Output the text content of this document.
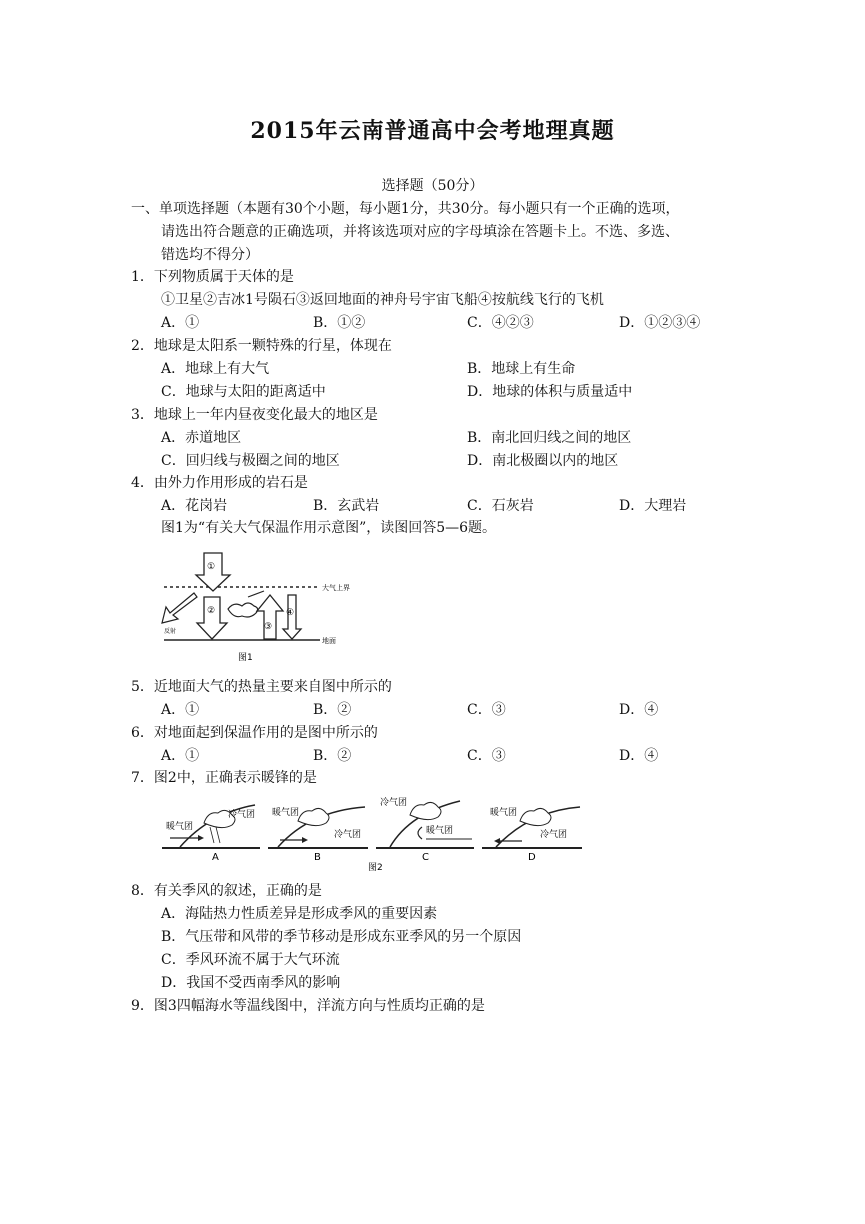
2015年云南普通高中会考地理真题
选择题（50分）
一、单项选择题（本题有30个小题，每小题1分，共30分。每小题只有一个正确的选项，
请选出符合题意的正确选项，并将该选项对应的字母填涂在答题卡上。不选、多选、
错选均不得分）
1．下列物质属于天体的是
①卫星②吉冰1号陨石③返回地面的神舟号宇宙飞船④按航线飞行的飞机
A．①	B．①②	C．④②③	D．①②③④
2．地球是太阳系一颗特殊的行星，体现在
A．地球上有大气	B．地球上有生命
C．地球与太阳的距离适中	D．地球的体积与质量适中
3．地球上一年内昼夜变化最大的地区是
A．赤道地区	B．南北回归线之间的地区
C．回归线与极圈之间的地区	D．南北极圈以内的地区
4．由外力作用形成的岩石是
A．花岗岩	B．玄武岩	C．石灰岩	D．大理岩
图1为“有关大气保温作用示意图”，读图回答5—6题。
大气上界
地面
①
②
反射	③
④
图1
5．近地面大气的热量主要来自图中所示的
A．①	B．②	C．③	D．④
6．对地面起到保温作用的是图中所示的
A．①	B．②	C．③	D．④
7．图2中，正确表示暖锋的是
暖气团
冷气团
A
暖气团
冷气团
B
冷气团
暖气团
C
暖气团
冷气团
D
图2
8．有关季风的叙述，正确的是
A．海陆热力性质差异是形成季风的重要因素
B．气压带和风带的季节移动是形成东亚季风的另一个原因
C．季风环流不属于大气环流
D．我国不受西南季风的影响
9．图3四幅海水等温线图中，洋流方向与性质均正确的是
